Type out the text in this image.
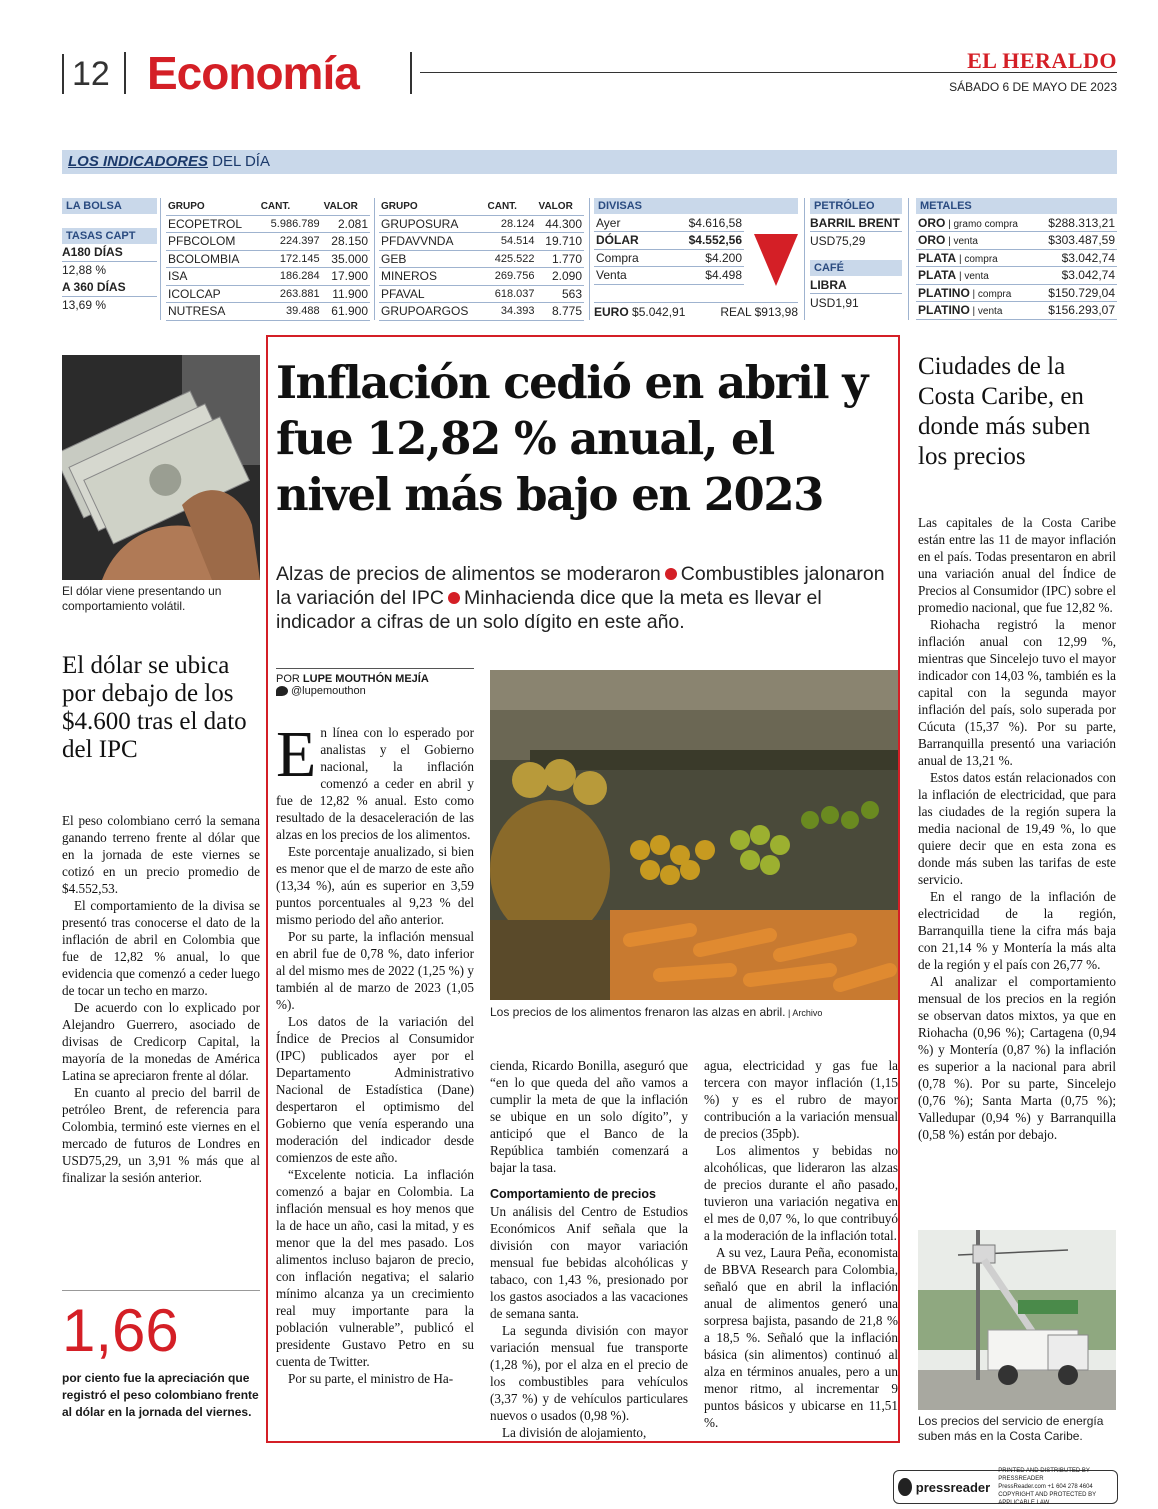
12 Economía	EL HERALDO
SÁBADO 6 DE MAYO DE 2023
LOS INDICADORES DEL DÍA
LA BOLSA
TASAS CAPT
A180 DÍAS
12,88 %
A 360 DÍAS
13,69 %
GRUPO	CANT.	VALOR
ECOPETROL	5.986.789	2.081
PFBCOLOM	224.397	28.150
BCOLOMBIA	172.145	35.000
ISA	186.284	17.900
ICOLCAP	263.881	11.900
NUTRESA	39.488	61.900
GRUPO	CANT.	VALOR
GRUPOSURA	28.124	44.300
PFDAVVNDA	54.514	19.710
GEB	425.522	1.770
MINEROS	269.756	2.090
PFAVAL	618.037	563
GRUPOARGOS	34.393	8.775
DIVISAS
Ayer	$4.616,58
DÓLAR	$4.552,56
Compra	$4.200
Venta	$4.498
EURO $5.042,91	REAL $913,98
PETRÓLEO
BARRIL BRENT
USD75,29
CAFÉ
LIBRA
USD1,91
METALES
ORO | gramo compra	$288.313,21
ORO | venta	$303.487,59
PLATA | compra	$3.042,74
PLATA | venta	$3.042,74
PLATINO | compra	$150.729,04
PLATINO | venta	$156.293,07
El dólar viene presentando un comportamiento volátil.
El dólar se ubica por debajo de los $4.600 tras el dato del IPC

El peso colombiano cerró la semana ganando terreno frente al dólar que en la jornada de este viernes se cotizó en un precio promedio de $4.552,53.

El comportamiento de la divisa se presentó tras conocerse el dato de la inflación de abril en Colombia que fue de 12,82 % anual, lo que evidencia que comenzó a ceder luego de tocar un techo en marzo.

De acuerdo con lo explicado por Alejandro Guerrero, asociado de divisas de Credicorp Capital, la mayoría de la monedas de América Latina se apreciaron frente al dólar.

En cuanto al precio del barril de petróleo Brent, de referencia para Colombia, terminó este viernes en el mercado de futuros de Londres en USD75,29, un 3,91 % más que al finalizar la sesión anterior.

1,66
por ciento fue la apreciación que registró el peso colombiano frente al dólar en la jornada del viernes.
Inflación cedió en abril y fue 12,82 % anual, el nivel más bajo en 2023
Alzas de precios de alimentos se moderaron Combustibles jalonaron la variación del IPC Minhacienda dice que la meta es llevar el indicador a cifras de un solo dígito en este año.
POR LUPE MOUTHÓN MEJÍA
@lupemouthon
Los precios de los alimentos frenaron las alzas en abril. | Archivo

En línea con lo esperado por analistas y el Gobierno nacional, la inflación comenzó a ceder en abril y fue de 12,82 % anual. Esto como resultado de la desaceleración de las alzas en los precios de los alimentos.

Este porcentaje anualizado, si bien es menor que el de marzo de este año (13,34 %), aún es superior en 3,59 puntos porcentuales al 9,23 % del mismo periodo del año anterior.

Por su parte, la inflación mensual en abril fue de 0,78 %, dato inferior al del mismo mes de 2022 (1,25 %) y también al de marzo de 2023 (1,05 %).

Los datos de la variación del Índice de Precios al Consumidor (IPC) publicados ayer por el Departamento Administrativo Nacional de Estadística (Dane) despertaron el optimismo del Gobierno que venía esperando una moderación del indicador desde comienzos de este año.

“Excelente noticia. La inflación comenzó a bajar en Colombia. La inflación mensual es hoy menos que la de hace un año, casi la mitad, y es menor que la del mes pasado. Los alimentos incluso bajaron de precio, con inflación negativa; el salario mínimo alcanza ya un crecimiento real muy importante para la población vulnerable”, publicó el presidente Gustavo Petro en su cuenta de Twitter.

Por su parte, el ministro de Ha-

cienda, Ricardo Bonilla, aseguró que “en lo que queda del año vamos a cumplir la meta de que la inflación se ubique en un solo dígito”, y anticipó que el Banco de la República también comenzará a bajar la tasa.

Comportamiento de precios

Un análisis del Centro de Estudios Económicos Anif señala que la división con mayor variación mensual fue bebidas alcohólicas y tabaco, con 1,43 %, presionado por los gastos asociados a las vacaciones de semana santa.

La segunda división con mayor variación mensual fue transporte (1,28 %), por el alza en el precio de los combustibles para vehículos (3,37 %) y de vehículos particulares nuevos o usados (0,98 %).

La división de alojamiento,

agua, electricidad y gas fue la tercera con mayor inflación (1,15 %) y es el rubro de mayor contribución a la variación mensual de precios (35pb).

Los alimentos y bebidas no alcohólicas, que lideraron las alzas de precios durante el año pasado, tuvieron una variación negativa en el mes de 0,07 %, lo que contribuyó a la moderación de la inflación total.

A su vez, Laura Peña, economista de BBVA Research para Colombia, señaló que en abril la inflación anual de alimentos generó una sorpresa bajista, pasando de 21,8 % a 18,5 %. Señaló que la inflación básica (sin alimentos) continuó al alza en términos anuales, pero a un menor ritmo, al incrementar 9 puntos básicos y ubicarse en 11,51 %.

Ciudades de la Costa Caribe, en donde más suben los precios

Las capitales de la Costa Caribe están entre las 11 de mayor inflación en el país. Todas presentaron en abril una variación anual del Índice de Precios al Consumidor (IPC) sobre el promedio nacional, que fue 12,82 %.

Riohacha registró la menor inflación anual con 12,99 %, mientras que Sincelejo tuvo el mayor indicador con 14,03 %, también es la capital con la segunda mayor inflación del país, solo superada por Cúcuta (15,37 %). Por su parte, Barranquilla presentó una variación anual de 13,21 %.

Estos datos están relacionados con la inflación de electricidad, que para las ciudades de la región supera la media nacional de 19,49 %, lo que quiere decir que en esta zona es donde más suben las tarifas de este servicio.

En el rango de la inflación de electricidad de la región, Barranquilla tiene la cifra más baja con 21,14 % y Montería la más alta de la región y el país con 26,77 %.

Al analizar el comportamiento mensual de los precios en la región se observan datos mixtos, ya que en Riohacha (0,96 %); Cartagena (0,94 %) y Montería (0,87 %) la inflación es superior a la nacional para abril (0,78 %). Por su parte, Sincelejo (0,76 %); Santa Marta (0,75 %); Valledupar (0,94 %) y Barranquilla (0,58 %) están por debajo.

Los precios del servicio de energía suben más en la Costa Caribe.
pressreader
PRINTED AND DISTRIBUTED BY PRESSREADER
PressReader.com +1 604 278 4604
COPYRIGHT AND PROTECTED BY APPLICABLE LAW
